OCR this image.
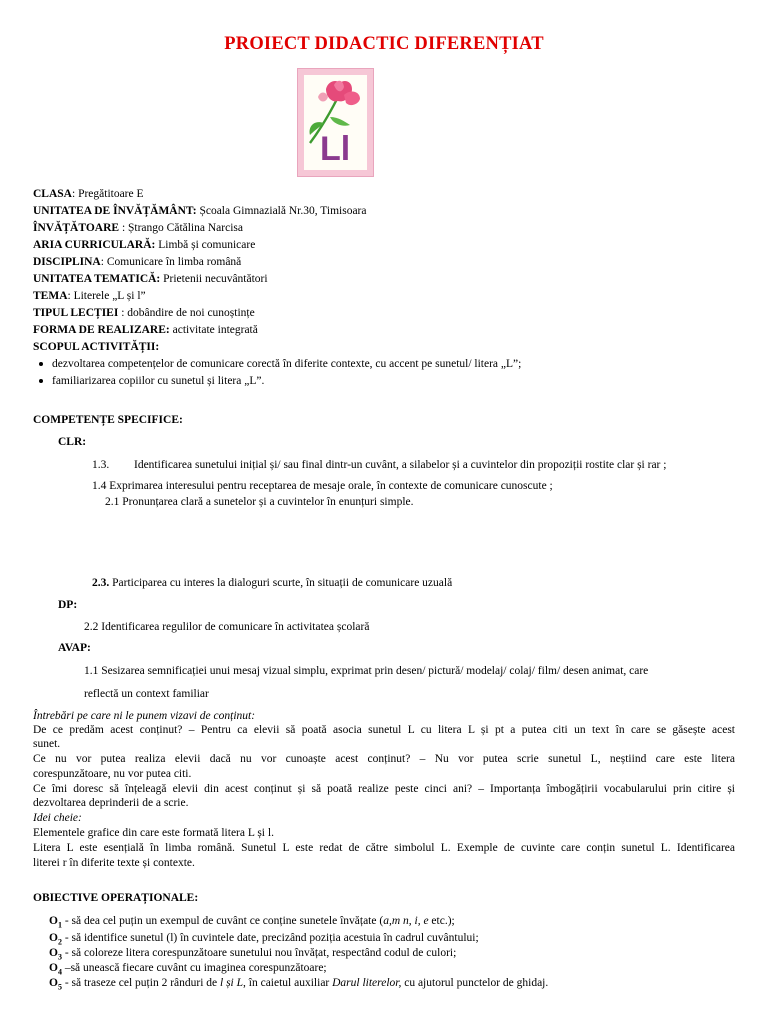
PROIECT DIDACTIC DIFERENȚIAT
Ll
CLASA: Pregătitoare E
UNITATEA DE ÎNVĂȚĂMÂNT: Școala Gimnazială Nr.30, Timisoara
ÎNVĂȚĂTOARE : Ștrango Cătălina Narcisa
ARIA CURRICULARĂ: Limbă și comunicare
DISCIPLINA: Comunicare în limba română
UNITATEA TEMATICĂ: Prietenii necuvântători
TEMA: Literele „L și l”
TIPUL LECȚIEI : dobândire de noi cunoștințe
FORMA DE REALIZARE: activitate integrată
SCOPUL ACTIVITĂȚII:
dezvoltarea competențelor de comunicare corectă în diferite contexte, cu accent pe sunetul/ litera „L”;
familiarizarea copiilor cu sunetul și litera „L”.
COMPETENȚE SPECIFICE:
CLR:
1.3. Identificarea sunetului inițial și/ sau final dintr-un cuvânt, a silabelor și a cuvintelor din propoziții rostite clar și rar ;
1.4 Exprimarea interesului pentru receptarea de mesaje orale, în contexte de comunicare cunoscute ;
2.1 Pronunțarea clară a sunetelor și a cuvintelor în enunțuri simple.
2.3. Participarea cu interes la dialoguri scurte, în situații de comunicare uzuală
DP:
2.2 Identificarea regulilor de comunicare în activitatea școlară
AVAP:
1.1 Sesizarea semnificației unui mesaj vizual simplu, exprimat prin desen/ pictură/ modelaj/ colaj/ film/ desen animat, care
reflectă un context familiar
Întrebări pe care ni le punem vizavi de conținut:
De ce predăm acest conținut? – Pentru ca elevii să poată asocia sunetul L cu litera L și pt a putea citi un text în care se găsește acest
sunet.
Ce nu vor putea realiza elevii dacă nu vor cunoaște acest conținut? – Nu vor putea scrie sunetul L, neștiind care este litera
corespunzătoare, nu vor putea citi.
Ce îmi doresc să înțeleagă elevii din acest conținut și să poată realize peste cinci ani? – Importanța îmbogățirii vocabularului prin citire și
dezvoltarea deprinderii de a scrie.
Idei cheie:
Elementele grafice din care este formată litera L și l.
Litera L este esențială în limba română. Sunetul L este redat de către simbolul L. Exemple de cuvinte care conțin sunetul L. Identificarea
literei r în diferite texte și contexte.
OBIECTIVE OPERAȚIONALE:
$O_1$ - să dea cel puțin un exempul de cuvânt ce conține sunetele învățate (a,m n, i, e etc.);
$O_2$ - să identifice sunetul (l) în cuvintele date, precizând poziția acestuia în cadrul cuvântului;
$O_3$ - să coloreze litera corespunzătoare sunetului nou învățat, respectând codul de culori;
$O_4$ –să unească fiecare cuvânt cu imaginea corespunzătoare;
$O_5$ - să traseze cel puțin 2 rânduri de l și L, în caietul auxiliar Darul literelor, cu ajutorul punctelor de ghidaj.
